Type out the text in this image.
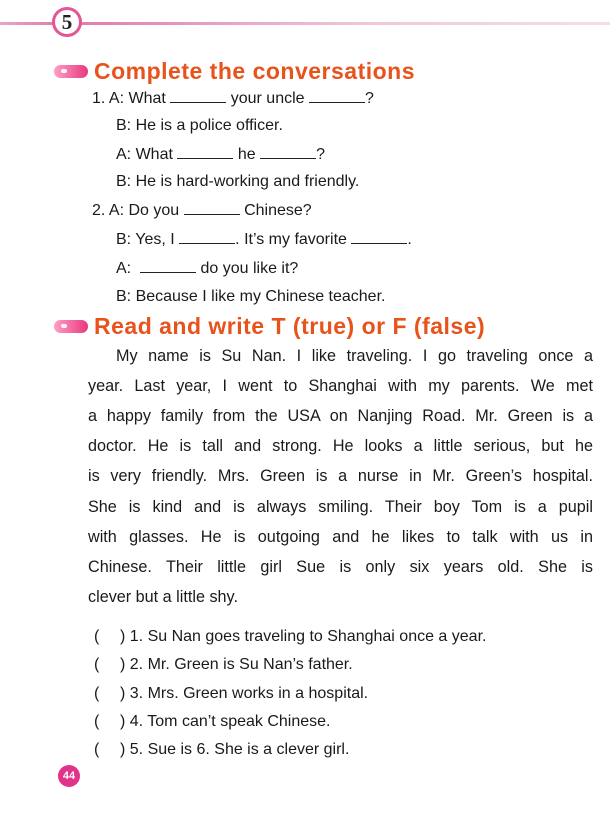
5
Complete the conversations
1. A: What	your uncle	?
B: He is a police officer.
A: What	he	?
B: He is hard-working and friendly.
2. A: Do you	Chinese?
B: Yes, I	. It’s my favorite	.
A:	do you like it?
B: Because I like my Chinese teacher.
Read and write T (true) or F (false)
My name is Su Nan. I like traveling. I go traveling once a
year. Last year, I went to Shanghai with my parents. We met
a happy family from the USA on Nanjing Road. Mr. Green is a
doctor. He is tall and strong. He looks a little serious, but he
is very friendly. Mrs. Green is a nurse in Mr. Green’s hospital.
She is kind and is always smiling. Their boy Tom is a pupil
with glasses. He is outgoing and he likes to talk with us in
Chinese. Their little girl Sue is only six years old. She is
clever but a little shy.
( ) 1. Su Nan goes traveling to Shanghai once a year.
( ) 2. Mr. Green is Su Nan’s father.
( ) 3. Mrs. Green works in a hospital.
( ) 4. Tom can’t speak Chinese.
( ) 5. Sue is 6. She is a clever girl.
44
